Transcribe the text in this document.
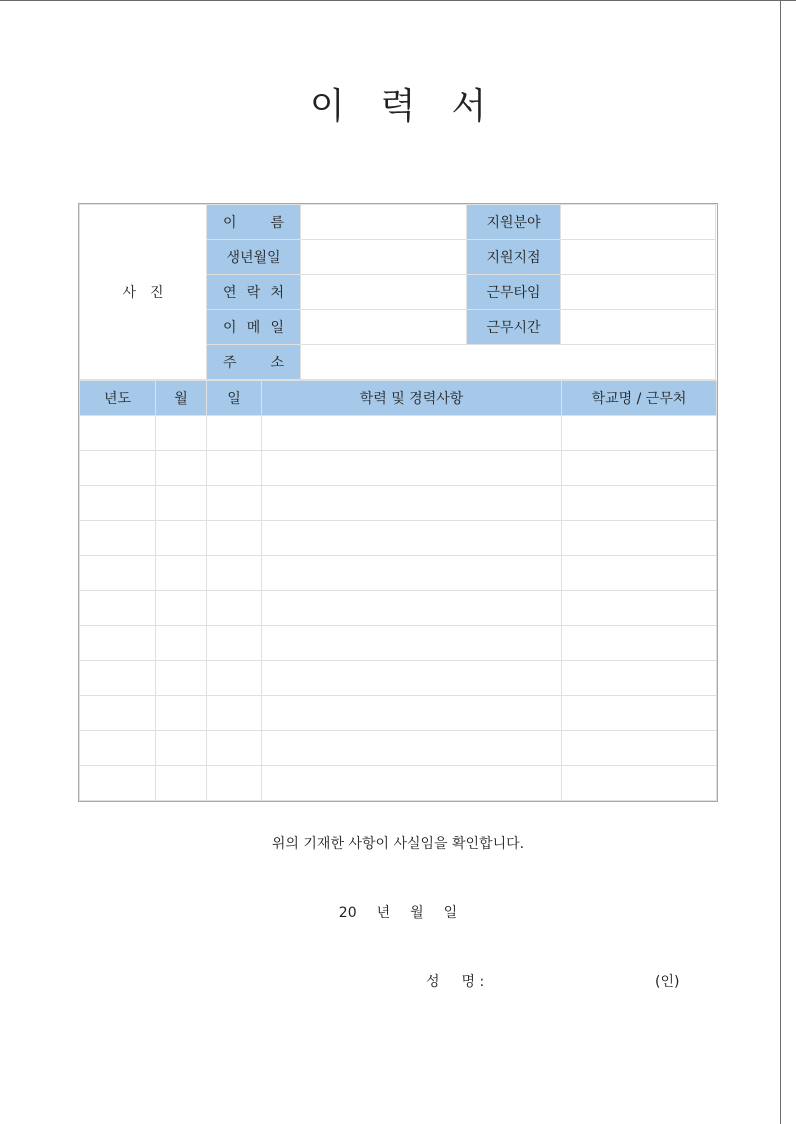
이 력 서
사　진	이 름		지원분야	
	생년월일		지원지점	

	연 락 처		근무타임	

	이 메 일		근무시간	

	주 소			

년도	월	일	학력 및 경력사항	학교명 / 근무처

위의 기재한 사항이 사실임을 확인합니다.
20 년 월 일
성 명 :	(인)
